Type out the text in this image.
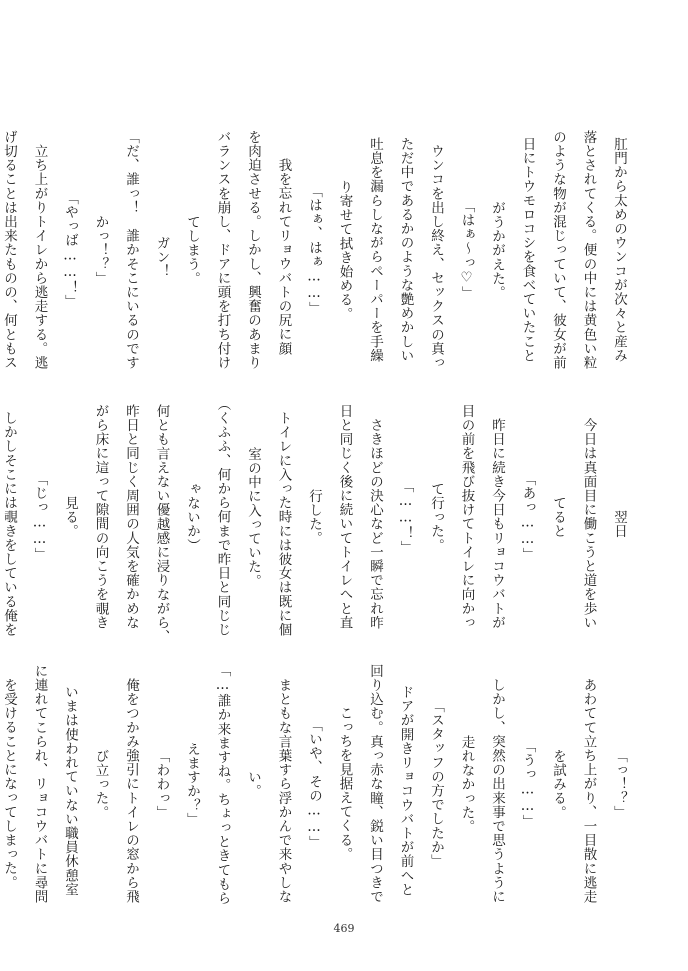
肛門から太めのウンコが次々と産み
落とされてくる。便の中には黄色い粒
のような物が混じっていて、彼女が前
日にトウモロコシを食べていたこと
がうかがえた。
「はぁ～っ♡」
　ウンコを出し終え、セックスの真っ
ただ中であるかのような艶めかしい
吐息を漏らしながらペーパーを手繰
り寄せて拭き始める。
「はぁ、はぁ……」
　我を忘れてリョウバトの尻に顔
を肉迫させる。しかし、興奮のあまり
バランスを崩し、ドアに頭を打ち付け
てしまう。
　ガン！
「だ、誰っ！　誰かそこにいるのです
かっ！？」
「やっば……！」
　立ち上がりトイレから逃走する。逃
げ切ることは出来たものの、何ともス
　翌日
　今日は真面目に働こうと道を歩い
てると
「あっ……」
　昨日に続き今日もリョコウバトが
目の前を飛び抜けてトイレに向かっ
て行った。
「……！」
　さきほどの決心など一瞬で忘れ昨
日と同じく後に続いてトイレへと直
行した。
　トイレに入った時には彼女は既に個
室の中に入っていた。
（くふふ、何から何まで昨日と同じじ
ゃないか）
　何とも言えない優越感に浸りながら、
昨日と同じく周囲の人気を確かめな
がら床に這って隙間の向こうを覗き
見る。
「じっ……」
　しかしそこには覗きをしている俺を
「っ！？」
　あわてて立ち上がり、一目散に逃走
を試みる。
「うっ……」
　しかし、突然の出来事で思うように
走れなかった。
「スタッフの方でしたか」
　ドアが開きリョコウバトが前へと
回り込む。真っ赤な瞳、鋭い目つきで
こっちを見据えてくる。
「いや、その……」
　まともな言葉すら浮かんで来やしな
い。
「…誰か来ますね。ちょっときてもら
えますか？」
「わわっ」
　俺をつかみ強引にトイレの窓から飛
び立った。
　いまは使われていない職員休憩室
に連れてこられ、リョコウバトに尋問
を受けることになってしまった。
469
